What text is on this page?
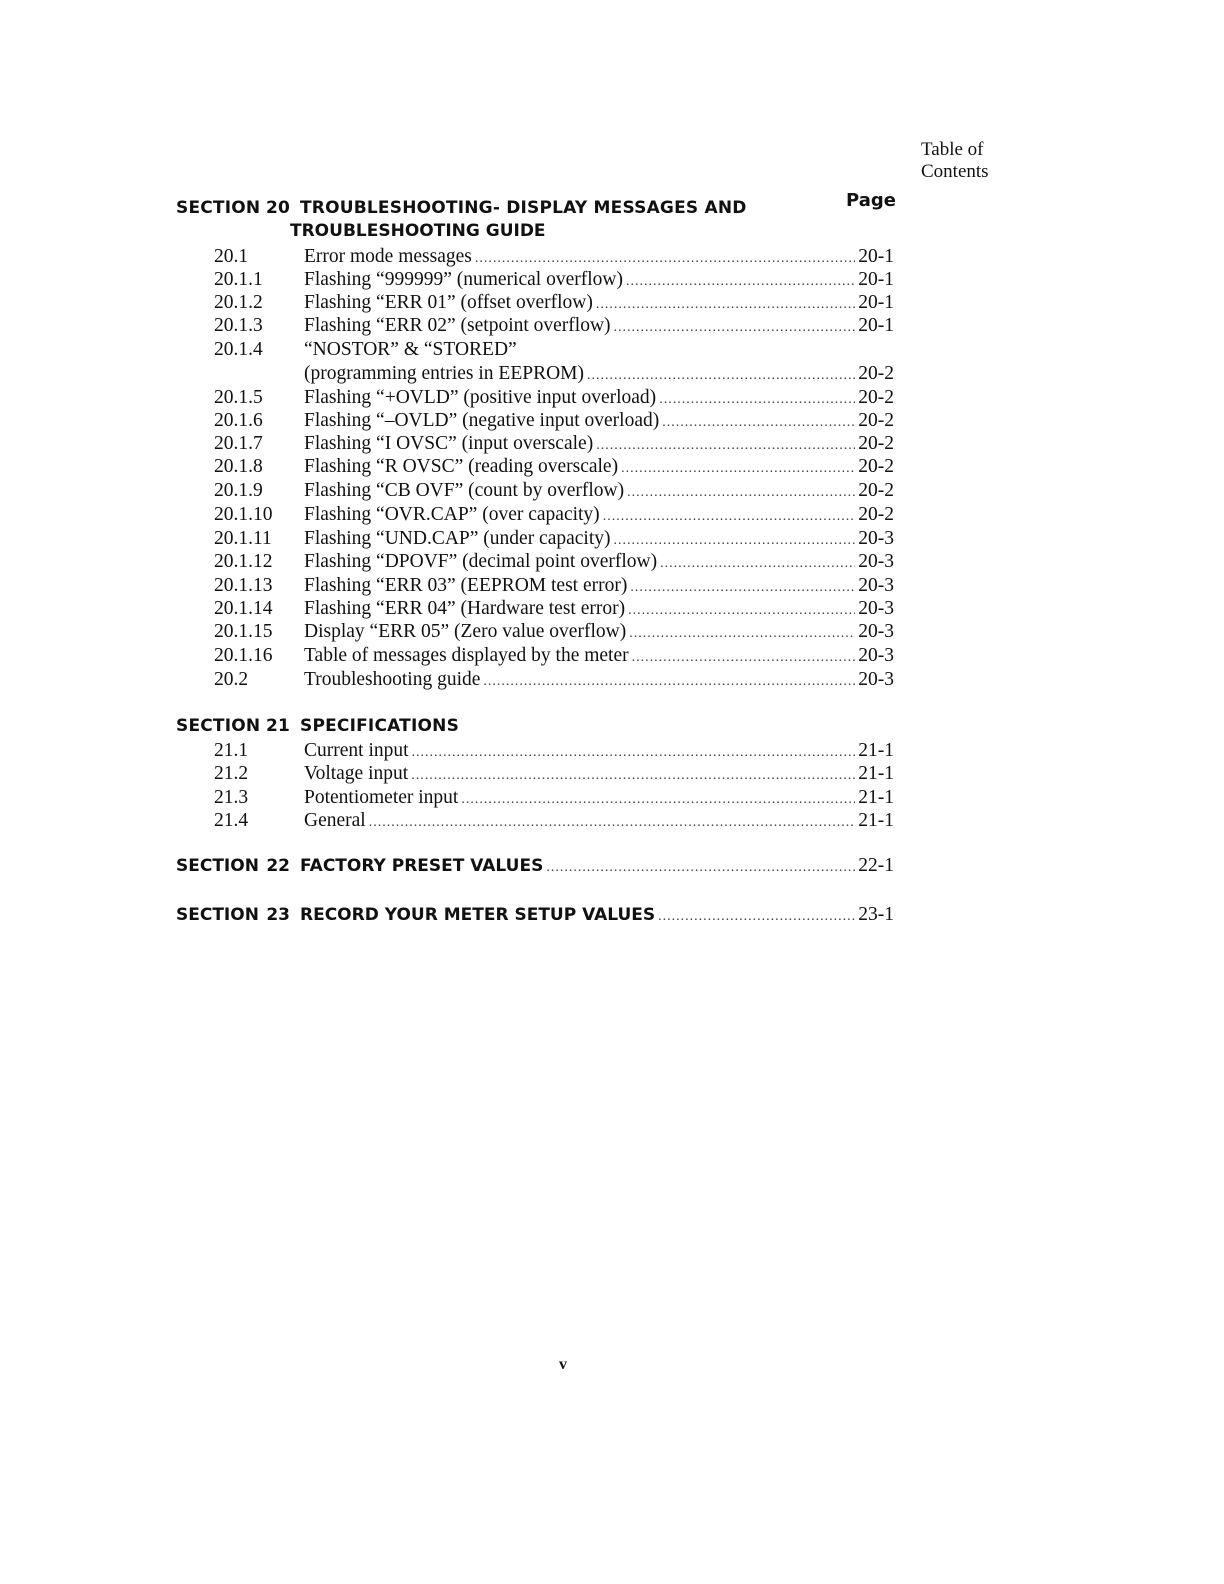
Table of
Contents
Page
SECTION 20 TROUBLESHOOTING- DISPLAY MESSAGES AND
TROUBLESHOOTING GUIDE
20.1	Error mode messages .....	20-1
20.1.1 Flashing “999999” (numerical overflow) .....	20-1
20.1.2 Flashing “ERR 01” (offset overflow) .....	20-1
20.1.3 Flashing “ERR 02” (setpoint overflow) .....	20-1
20.1.4 “NOSTOR” & “STORED”
(programming entries in EEPROM) .....	20-2
20.1.5 Flashing “+OVLD” (positive input overload) .....	20-2
20.1.6 Flashing “–OVLD” (negative input overload) .....	20-2
20.1.7 Flashing “I OVSC” (input overscale) .....	20-2
20.1.8 Flashing “R OVSC” (reading overscale) .....	20-2
20.1.9 Flashing “CB OVF” (count by overflow) .....	20-2
20.1.10 Flashing “OVR.CAP” (over capacity) .....	20-2
20.1.11 Flashing “UND.CAP” (under capacity) .....	20-3
20.1.12 Flashing “DPOVF” (decimal point overflow) .....	20-3
20.1.13 Flashing “ERR 03” (EEPROM test error) .....	20-3
20.1.14 Flashing “ERR 04” (Hardware test error) .....	20-3
20.1.15 Display “ERR 05” (Zero value overflow) .....	20-3
20.1.16 Table of messages displayed by the meter .....	20-3
20.2	Troubleshooting guide .....	20-3
SECTION 21 SPECIFICATIONS
21.1	Current input .....	21-1
21.2	Voltage input .....	21-1
21.3	Potentiometer input .....	21-1
21.4	General .....	21-1
SECTION 22 FACTORY PRESET VALUES .....	22-1
SECTION 23 RECORD YOUR METER SETUP VALUES .....	23-1
v
